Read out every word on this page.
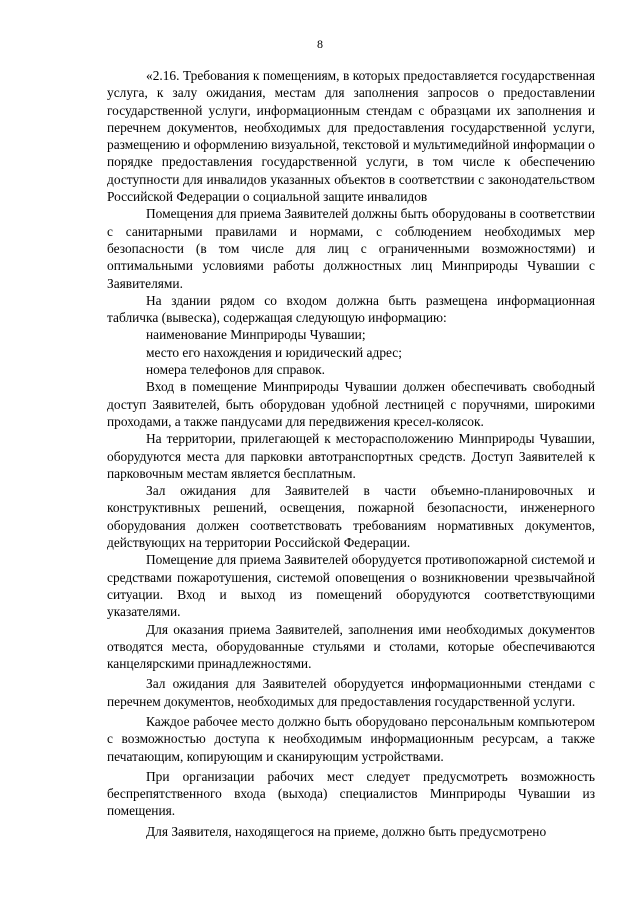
8

«2.16. Требования к помещениям, в которых предоставляется государственная услуга, к залу ожидания, местам для заполнения запросов о предоставлении государственной услуги, информационным стендам с образцами их заполнения и перечнем документов, необходимых для предоставления государственной услуги, размещению и оформлению визуальной, текстовой и мультимедийной информации о порядке предоставления государственной услуги, в том числе к обеспечению доступности для инвалидов указанных объектов в соответствии с законодательством Российской Федерации о социальной защите инвалидов

Помещения для приема Заявителей должны быть оборудованы в соответствии с санитарными правилами и нормами, с соблюдением необходимых мер безопасности (в том числе для лиц с ограниченными возможностями) и оптимальными условиями работы должностных лиц Минприроды Чувашии с Заявителями.

На здании рядом со входом должна быть размещена информационная табличка (вывеска), содержащая следующую информацию:

наименование Минприроды Чувашии;

место его нахождения и юридический адрес;

номера телефонов для справок.

Вход в помещение Минприроды Чувашии должен обеспечивать свободный доступ Заявителей, быть оборудован удобной лестницей с поручнями, широкими проходами, а также пандусами для передвижения кресел-колясок.

На территории, прилегающей к месторасположению Минприроды Чувашии, оборудуются места для парковки автотранспортных средств. Доступ Заявителей к парковочным местам является бесплатным.

Зал ожидания для Заявителей в части объемно-планировочных и конструктивных решений, освещения, пожарной безопасности, инженерного оборудования должен соответствовать требованиям нормативных документов, действующих на территории Российской Федерации.

Помещение для приема Заявителей оборудуется противопожарной системой и средствами пожаротушения, системой оповещения о возникновении чрезвычайной ситуации. Вход и выход из помещений оборудуются соответствующими указателями.

Для оказания приема Заявителей, заполнения ими необходимых документов отводятся места, оборудованные стульями и столами, которые обеспечиваются канцелярскими принадлежностями.

Зал ожидания для Заявителей оборудуется информационными стендами с перечнем документов, необходимых для предоставления государственной услуги.

Каждое рабочее место должно быть оборудовано персональным компьютером с возможностью доступа к необходимым информационным ресурсам, а также печатающим, копирующим и сканирующим устройствами.

При организации рабочих мест следует предусмотреть возможность беспрепятственного входа (выхода) специалистов Минприроды Чувашии из помещения.

Для Заявителя, находящегося на приеме, должно быть предусмотрено
